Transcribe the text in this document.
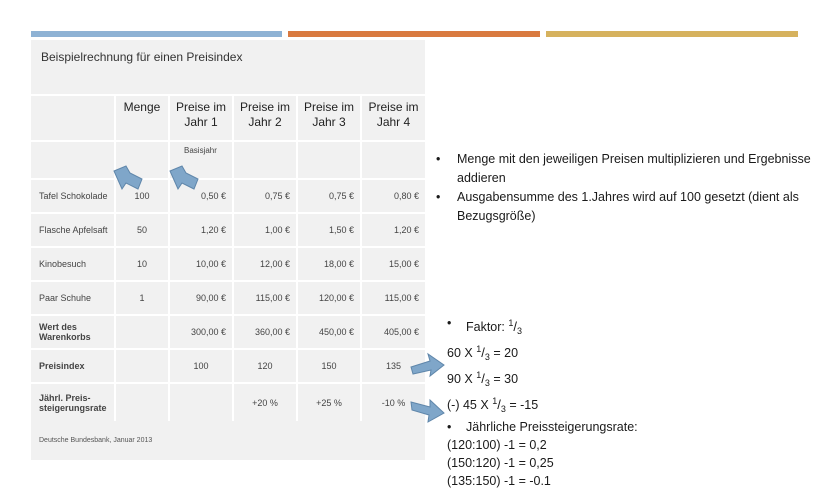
Beispielrechnung für einen Preisindex
	Menge	Preise im Jahr 1	Preise im Jahr 2	Preise im Jahr 3	Preise im Jahr 4
		Basisjahr			
Tafel Schokolade	100	0,50 €	0,75 €	0,75 €	0,80 €
Flasche Apfelsaft	50	1,20 €	1,00 €	1,50 €	1,20 €
Kinobesuch	10	10,00 €	12,00 €	18,00 €	15,00 €
Paar Schuhe	1	90,00 €	115,00 €	120,00 €	115,00 €
Wert des Warenkorbs		300,00 €	360,00 €	450,00 €	405,00 €
Preisindex		100	120	150	135
Jährl. Preis-steigerungsrate			+20 %	+25 %	-10 %
Deutsche Bundesbank, Januar 2013
• Menge mit den jeweiligen Preisen multiplizieren und Ergebnisse addieren
• Ausgabensumme des 1.Jahres wird auf 100 gesetzt (dient als Bezugsgröße)
• Faktor: $^1/_3$
60 X $^1/_3 = 20$
90 X $^1/_3 = 30$
(-) 45 X $^1/_3 = -15$
• Jährliche Preissteigerungsrate:
(120:100) -1 = 0,2
(150:120) -1 = 0,25
(135:150) -1 = -0.1
